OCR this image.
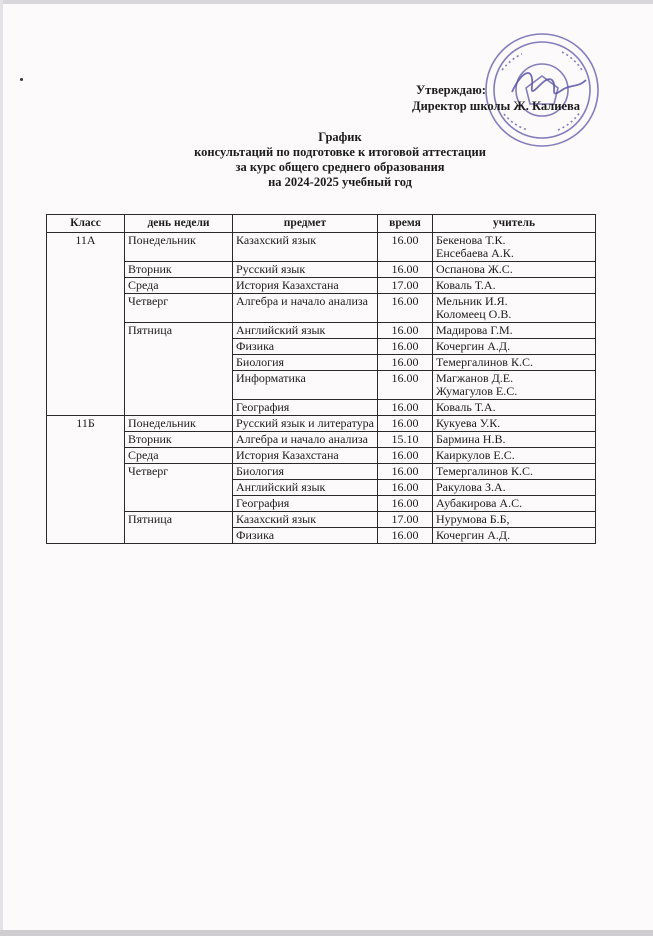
Утверждаю:
Директор школы Ж. Калиева
График
консультаций по подготовке к итоговой аттестации
за курс общего среднего образования
на 2024-2025 учебный год
Класс	день недели	предмет	время	учитель
11А	Понедельник	Казахский язык	16.00	Бекенова Т.К.
Енсебаева А.К.

	Вторник	Русский язык	16.00	Оспанова Ж.С.

	Среда	История Казахстана	17.00	Коваль Т.А.

	Четверг	Алгебра и начало анализа	16.00	Мельник И.Я.
Коломеец О.В.

	Пятница	Английский язык	16.00	Мадирова Г.М.

		Физика	16.00	Кочергин А.Д.

		Биология	16.00	Темергалинов К.С.

		Информатика	16.00	Магжанов Д.Е.
Жумагулов Е.С.

		География	16.00	Коваль Т.А.

11Б	Понедельник	Русский язык и литература	16.00	Кукуева У.К.

	Вторник	Алгебра и начало анализа	15.10	Бармина Н.В.

	Среда	История Казахстана	16.00	Каиркулов Е.С.

	Четверг	Биология	16.00	Темергалинов К.С.

		Английский язык	16.00	Ракулова З.А.

		География	16.00	Аубакирова А.С.

	Пятница	Казахский язык	17.00	Нурумова Б.Б,

		Физика	16.00	Кочергин А.Д.
